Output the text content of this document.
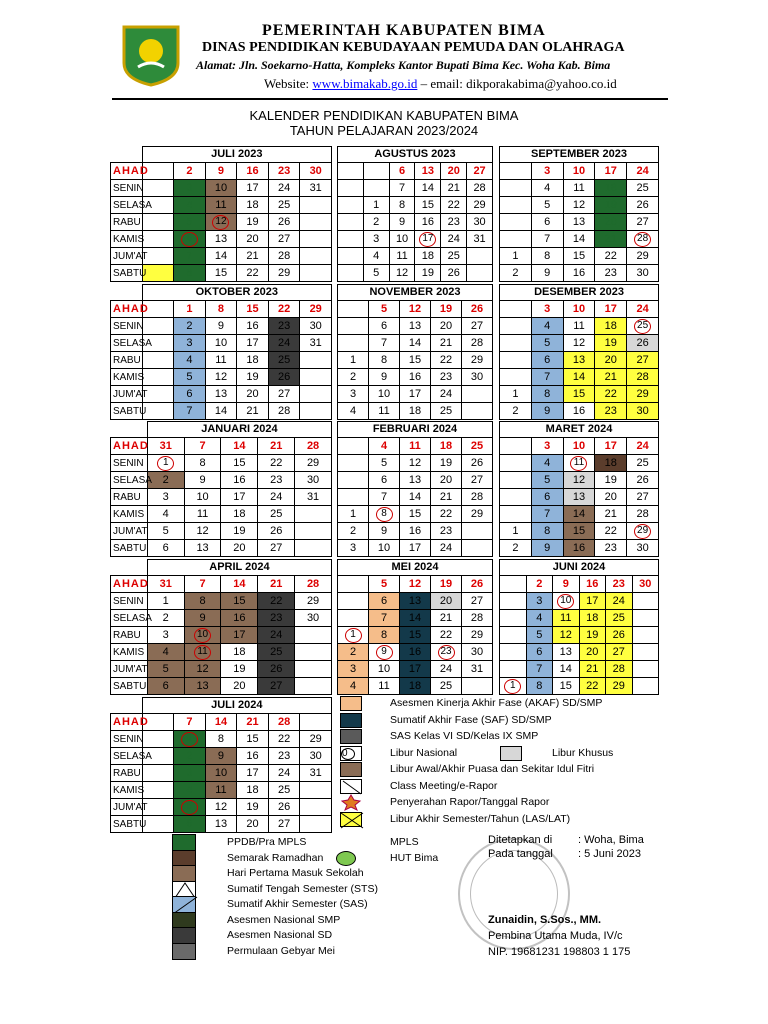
PEMERINTAH KABUPATEN BIMA
DINAS PENDIDIKAN KEBUDAYAAN PEMUDA DAN OLAHRAGA
Alamat: Jln. Soekarno-Hatta, Kompleks Kantor Bupati Bima Kec. Woha Kab. Bima
Website: www.bimakab.go.id – email: dikporakabima@yahoo.co.id
KALENDER PENDIDIKAN KABUPATEN BIMA
TAHUN PELAJARAN 2023/2024
	JULI 2023					
AHAD		2	9	16	23	30
SENIN		3	10	17	24	31
SELASA		4	11	18	25	
RABU		5	12	19	26	
KAMIS		6	13	20	27	
JUM'AT		7	14	21	28	
SABTU		8	15	22	29	
AGUSTUS 2023					
		6	13	20	27
		7	14	21	28
	1	8	15	22	29
	2	9	16	23	30
	3	10	17	24	31
	4	11	18	25	
	5	12	19	26	
SEPTEMBER 2023				
	3	10	17	24
	4	11	18	25
	5	12	19	26
	6	13	20	27
	7	14	21	28
1	8	15	22	29
2	9	16	23	30
	OKTOBER 2023					
AHAD		1	8	15	22	29
SENIN		2	9	16	23	30
SELASA		3	10	17	24	31
RABU		4	11	18	25	
KAMIS		5	12	19	26	
JUM'AT		6	13	20	27	
SABTU		7	14	21	28	
NOVEMBER 2023				
	5	12	19	26
	6	13	20	27
	7	14	21	28
1	8	15	22	29
2	9	16	23	30
3	10	17	24	
4	11	18	25	
DESEMBER 2023				
	3	10	17	24
	4	11	18	25
	5	12	19	26
	6	13	20	27
	7	14	21	28
1	8	15	22	29
2	9	16	23	30
	JANUARI 2024				
AHAD	31	7	14	21	28
SENIN	1	8	15	22	29
SELASA	2	9	16	23	30
RABU	3	10	17	24	31
KAMIS	4	11	18	25	
JUM'AT	5	12	19	26	
SABTU	6	13	20	27	
FEBRUARI 2024				
	4	11	18	25
	5	12	19	26
	6	13	20	27
	7	14	21	28
1	8	15	22	29
2	9	16	23	
3	10	17	24	
MARET 2024				
	3	10	17	24
	4	11	18	25
	5	12	19	26
	6	13	20	27
	7	14	21	28
1	8	15	22	29
2	9	16	23	30
	APRIL 2024				
AHAD	31	7	14	21	28
SENIN	1	8	15	22	29
SELASA	2	9	16	23	30
RABU	3	10	17	24	
KAMIS	4	11	18	25	
JUM'AT	5	12	19	26	
SABTU	6	13	20	27	
MEI 2024				
	5	12	19	26
	6	13	20	27
	7	14	21	28
1	8	15	22	29
2	9	16	23	30
3	10	17	24	31
4	11	18	25	
JUNI 2024					
	2	9	16	23	30
	3	10	17	24	
	4	11	18	25	
	5	12	19	26	
	6	13	20	27	
	7	14	21	28	
1	8	15	22	29	
	JULI 2024					
AHAD		7	14	21	28	
SENIN		1	8	15	22	29
SELASA		2	9	16	23	30
RABU		3	10	17	24	31
KAMIS		4	11	18	25	
JUM'AT		5	12	19	26	
SABTU		6	13	20	27	
Asesmen Kinerja Akhir Fase (AKAF) SD/SMP
Sumatif Akhir Fase (SAF) SD/SMP
SAS Kelas VI SD/Kelas IX SMP
0	Libur Nasional	Libur Khusus
Libur Awal/Akhir Puasa dan Sekitar Idul Fitri
Class Meeting/e-Rapor
Penyerahan Rapor/Tanggal Rapor
Libur Akhir Semester/Tahun (LAS/LAT)
PPDB/Pra MPLS	MPLS
Semarak Ramadhan	HUT Bima
Hari Pertama Masuk Sekolah
Sumatif Tengah Semester (STS)
Sumatif Akhir Semester (SAS)
Asesmen Nasional SMP
Asesmen Nasional SD
Permulaan Gebyar Mei
Ditetapkan di : Woha, Bima
Pada tanggal : 5 Juni 2023
Zunaidin, S.Sos., MM.
Pembina Utama Muda, IV/c
NIP. 19681231 198803 1 175
